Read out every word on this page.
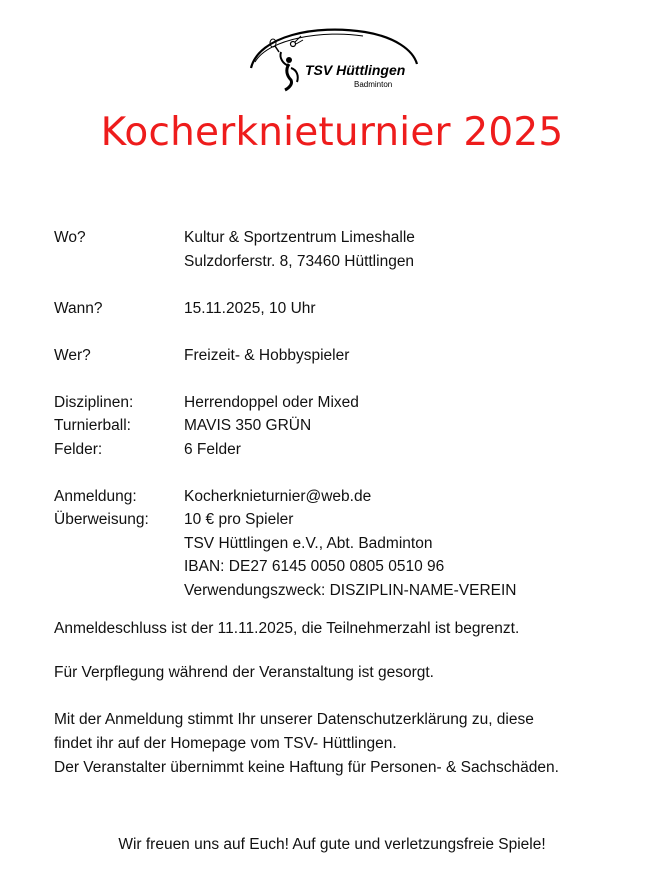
TSV Hüttlingen
Badminton
Kocherknieturnier 2025
Wo?	Kultur & Sportzentrum Limeshalle
Sulzdorferstr. 8, 73460 Hüttlingen
Wann?	15.11.2025, 10 Uhr
Wer?	Freizeit- & Hobbyspieler
Disziplinen:	Herrendoppel oder Mixed
Turnierball:	MAVIS 350 GRÜN
Felder:	6 Felder
Anmeldung:	Kocherknieturnier@web.de
Überweisung: 10 € pro Spieler
TSV Hüttlingen e.V., Abt. Badminton
IBAN: DE27 6145 0050 0805 0510 96
Verwendungszweck: DISZIPLIN-NAME-VEREIN
Anmeldeschluss ist der 11.11.2025, die Teilnehmerzahl ist begrenzt.
Für Verpflegung während der Veranstaltung ist gesorgt.
Mit der Anmeldung stimmt Ihr unserer Datenschutzerklärung zu, diese
findet ihr auf der Homepage vom TSV- Hüttlingen.
Der Veranstalter übernimmt keine Haftung für Personen- & Sachschäden.
Wir freuen uns auf Euch! Auf gute und verletzungsfreie Spiele!
